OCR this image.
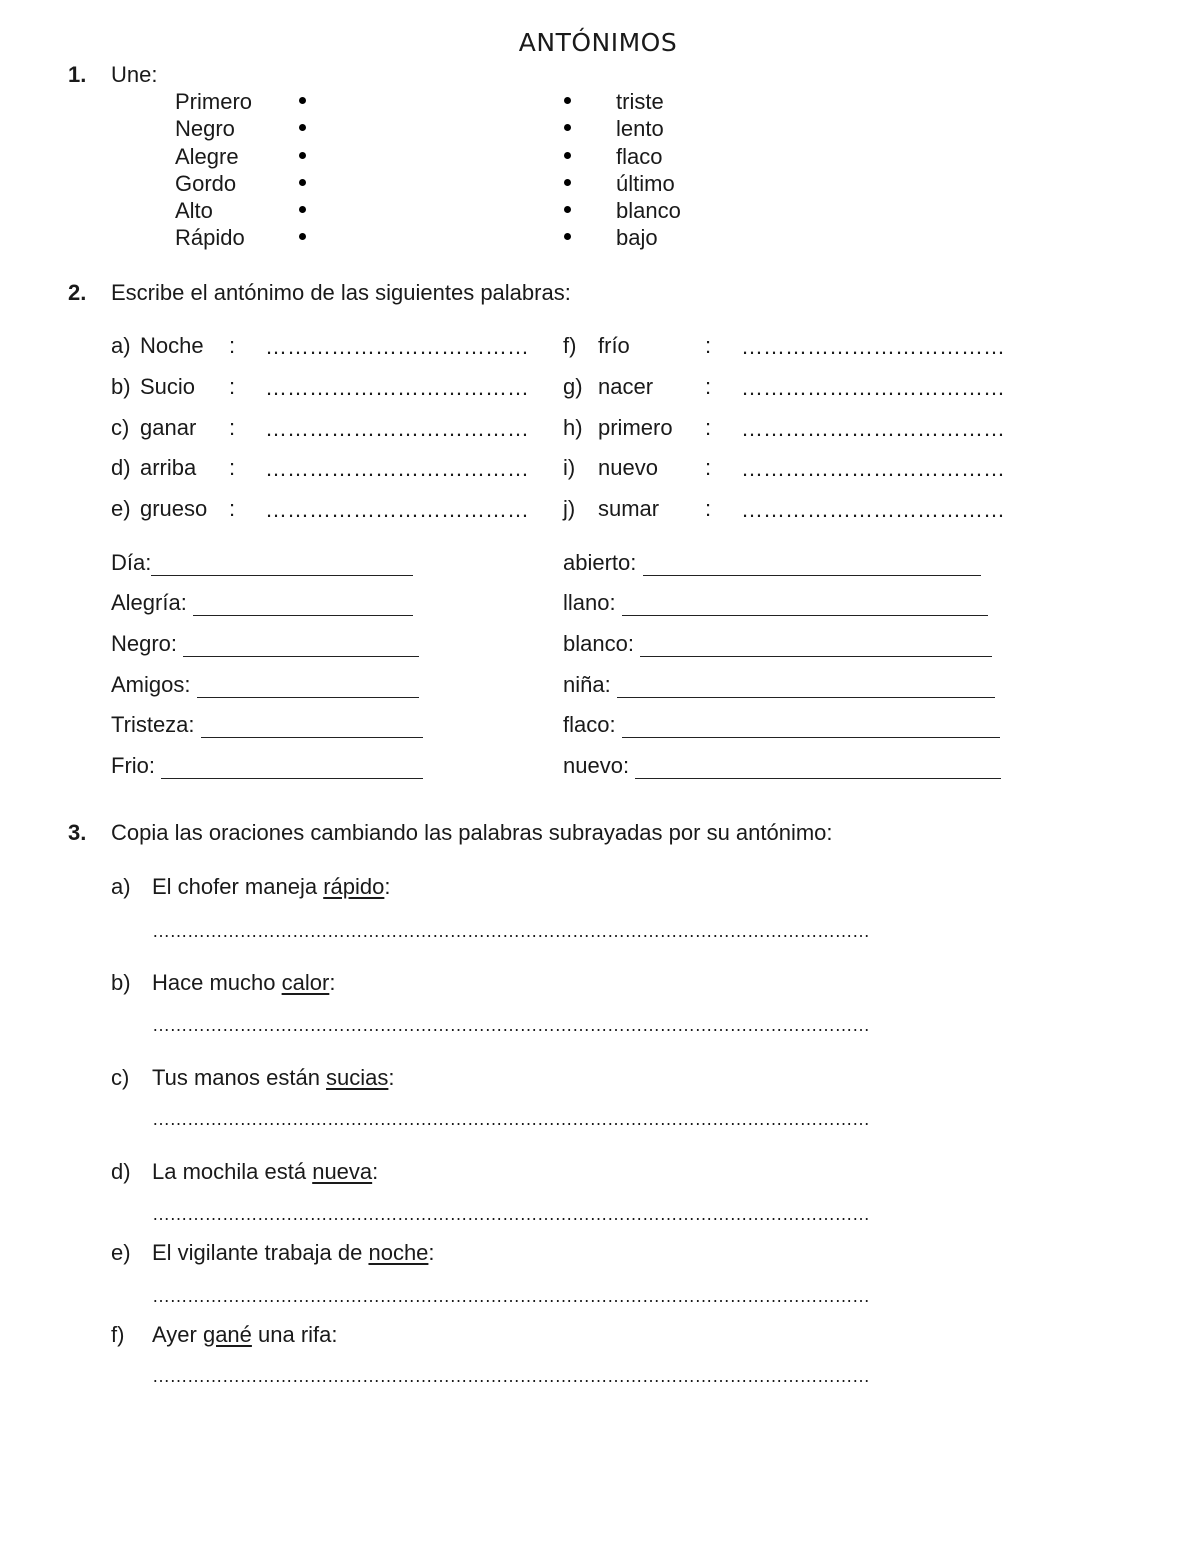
ANTÓNIMOS
1. Une:
Primero
Negro
Alegre
Gordo
Alto
Rápido
triste
lento
flaco
último
blanco
bajo
2. Escribe el antónimo de las siguientes palabras:
a) Noche : ………………………………
b) Sucio : ………………………………
c) ganar : ………………………………
d) arriba : ………………………………
e) grueso : ………………………………
f) frío	: ………………………………
g) nacer : ………………………………
h) primero : ………………………………
i) nuevo : ………………………………
j) sumar : ………………………………
Día:
Alegría:
Negro:
Amigos:
Tristeza:
Frio:
abierto:
llano:
blanco:
niña:
flaco:
nuevo:
3. Copia las oraciones cambiando las palabras subrayadas por su antónimo:
a) El chofer maneja rápido:
……………………………………………………………………………………………………………
b) Hace mucho calor:
……………………………………………………………………………………………………………
c) Tus manos están sucias:
……………………………………………………………………………………………………………
d) La mochila está nueva:
……………………………………………………………………………………………………………
e) El vigilante trabaja de noche:
……………………………………………………………………………………………………………
f) Ayer gané una rifa:
……………………………………………………………………………………………………………
